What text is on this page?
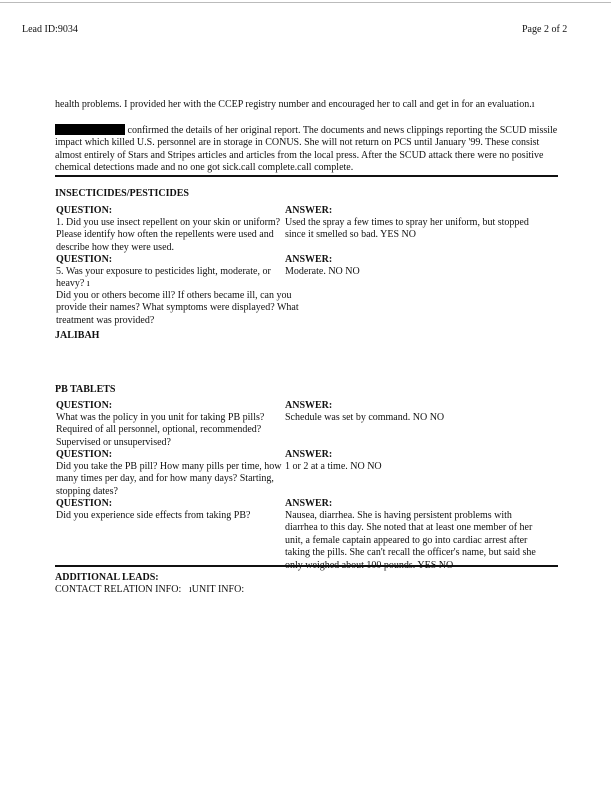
Lead ID:9034	Page 2 of 2
health problems. I provided her with the CCEP registry number and encouraged her to call and get in for an evaluation.ı
confirmed the details of her original report. The documents and news clippings reporting the SCUD missile impact which killed U.S. personnel are in storage in CONUS. She will not return on PCS until January '99. These consist almost entirely of Stars and Stripes articles and articles from the local press. After the SCUD attack there were no positive chemical detections made and no one got sick.call complete.call complete.
INSECTICIDES/PESTICIDES
QUESTION:	ANSWER:
1. Did you use insect repellent on your skin or uniform? Please identify how often the repellents were used and describe how they were used.
Used the spray a few times to spray her uniform, but stopped since it smelled so bad. YES NO
QUESTION:	ANSWER:
5. Was your exposure to pesticides light, moderate, or heavy? ı
Did you or others become ill? If others became ill, can you provide their names? What symptoms were displayed? What treatment was provided?
Moderate. NO NO
JALIBAH
PB TABLETS
QUESTION:	ANSWER:
What was the policy in you unit for taking PB pills? Required of all personnel, optional, recommended? Supervised or unsupervised?
Schedule was set by command. NO NO
QUESTION:	ANSWER:
Did you take the PB pill? How many pills per time, how many times per day, and for how many days? Starting, stopping dates?
1 or 2 at a time. NO NO
QUESTION:	ANSWER:
Did you experience side effects from taking PB?	Nausea, diarrhea. She is having persistent problems with diarrhea to this day. She noted that at least one member of her unit, a female captain appeared to go into cardiac arrest after taking the pills. She can't recall the officer's name, but said she
ADDITIONAL LEADS:
CONTACT RELATION INFO: ıUNIT INFO:
